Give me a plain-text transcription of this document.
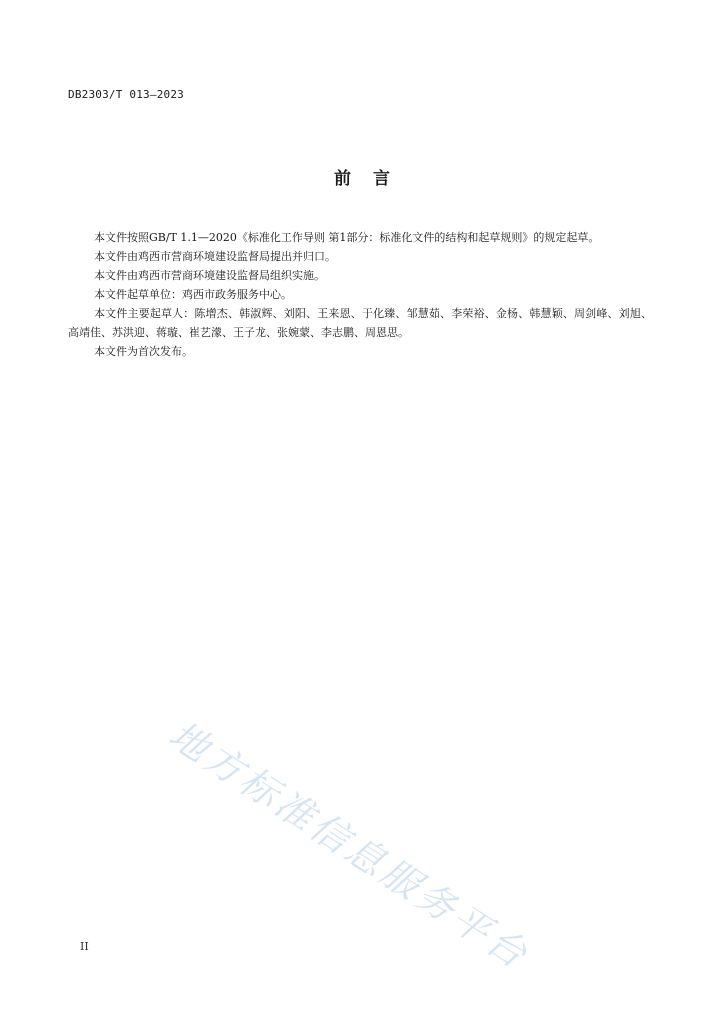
DB2303/T 013—2023
前言

本文件按照GB/T 1.1—2020《标准化工作导则 第1部分：标准化文件的结构和起草规则》的规定起草。

本文件由鸡西市营商环境建设监督局提出并归口。

本文件由鸡西市营商环境建设监督局组织实施。

本文件起草单位：鸡西市政务服务中心。

本文件主要起草人：陈增杰、韩淑辉、刘阳、王来恩、于化臻、邹慧茹、李荣裕、金杨、韩慧颖、周剑峰、刘旭、高靖佳、苏洪迎、蒋璇、崔艺濛、王子龙、张婉蒙、李志鹏、周恩思。

本文件为首次发布。

地方标准信息服务平台
II
